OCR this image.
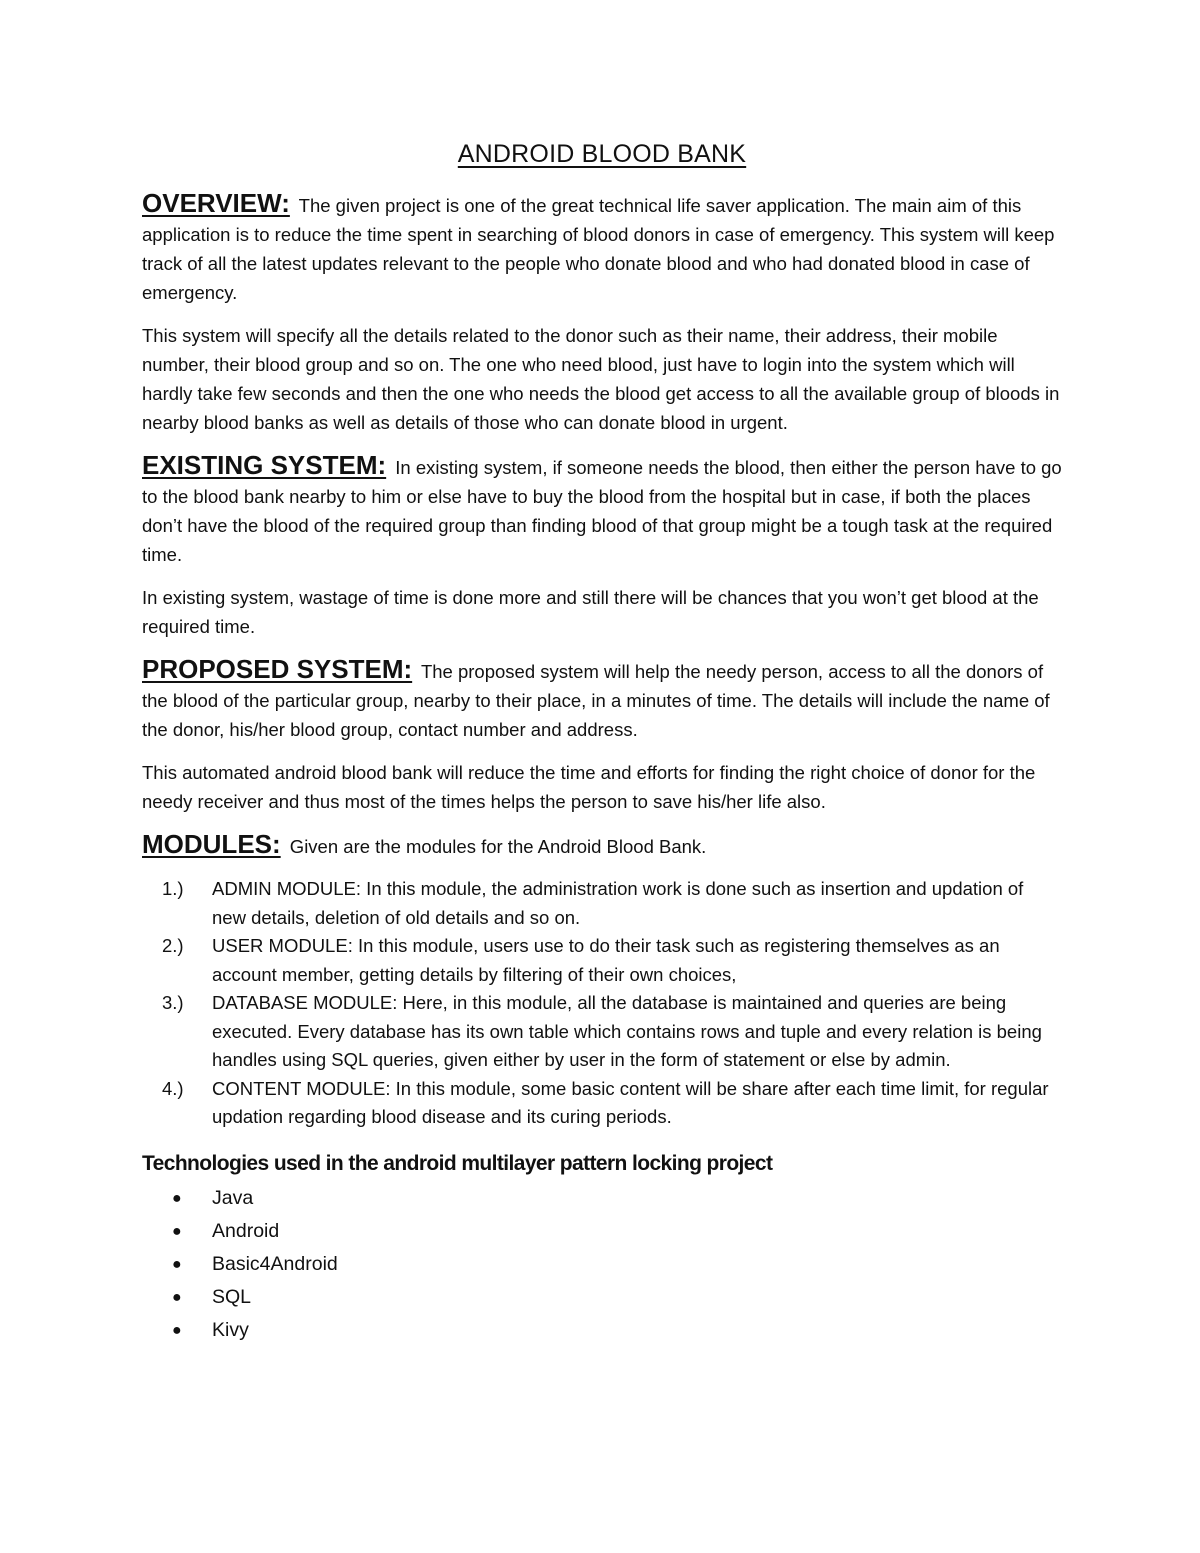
ANDROID BLOOD BANK

OVERVIEW: The given project is one of the great technical life saver application. The main aim of this application is to reduce the time spent in searching of blood donors in case of emergency. This system will keep track of all the latest updates relevant to the people who donate blood and who had donated blood in case of emergency.

This system will specify all the details related to the donor such as their name, their address, their mobile number, their blood group and so on. The one who need blood, just have to login into the system which will hardly take few seconds and then the one who needs the blood get access to all the available group of bloods in nearby blood banks as well as details of those who can donate blood in urgent.

EXISTING SYSTEM: In existing system, if someone needs the blood, then either the person have to go to the blood bank nearby to him or else have to buy the blood from the hospital but in case, if both the places don’t have the blood of the required group than finding blood of that group might be a tough task at the required time.

In existing system, wastage of time is done more and still there will be chances that you won’t get blood at the required time.

PROPOSED SYSTEM: The proposed system will help the needy person, access to all the donors of the blood of the particular group, nearby to their place, in a minutes of time. The details will include the name of the donor, his/her blood group, contact number and address.

This automated android blood bank will reduce the time and efforts for finding the right choice of donor for the needy receiver and thus most of the times helps the person to save his/her life also.

MODULES: Given are the modules for the Android Blood Bank.

1.) ADMIN MODULE: In this module, the administration work is done such as insertion and updation of new details, deletion of old details and so on.
2.) USER MODULE: In this module, users use to do their task such as registering themselves as an account member, getting details by filtering of their own choices,
3.) DATABASE MODULE: Here, in this module, all the database is maintained and queries are being executed. Every database has its own table which contains rows and tuple and every relation is being handles using SQL queries, given either by user in the form of statement or else by admin.
4.) CONTENT MODULE: In this module, some basic content will be share after each time limit, for regular updation regarding blood disease and its curing periods.
Technologies used in the android multilayer pattern locking project
● Java
● Android
● Basic4Android
● SQL
● Kivy
